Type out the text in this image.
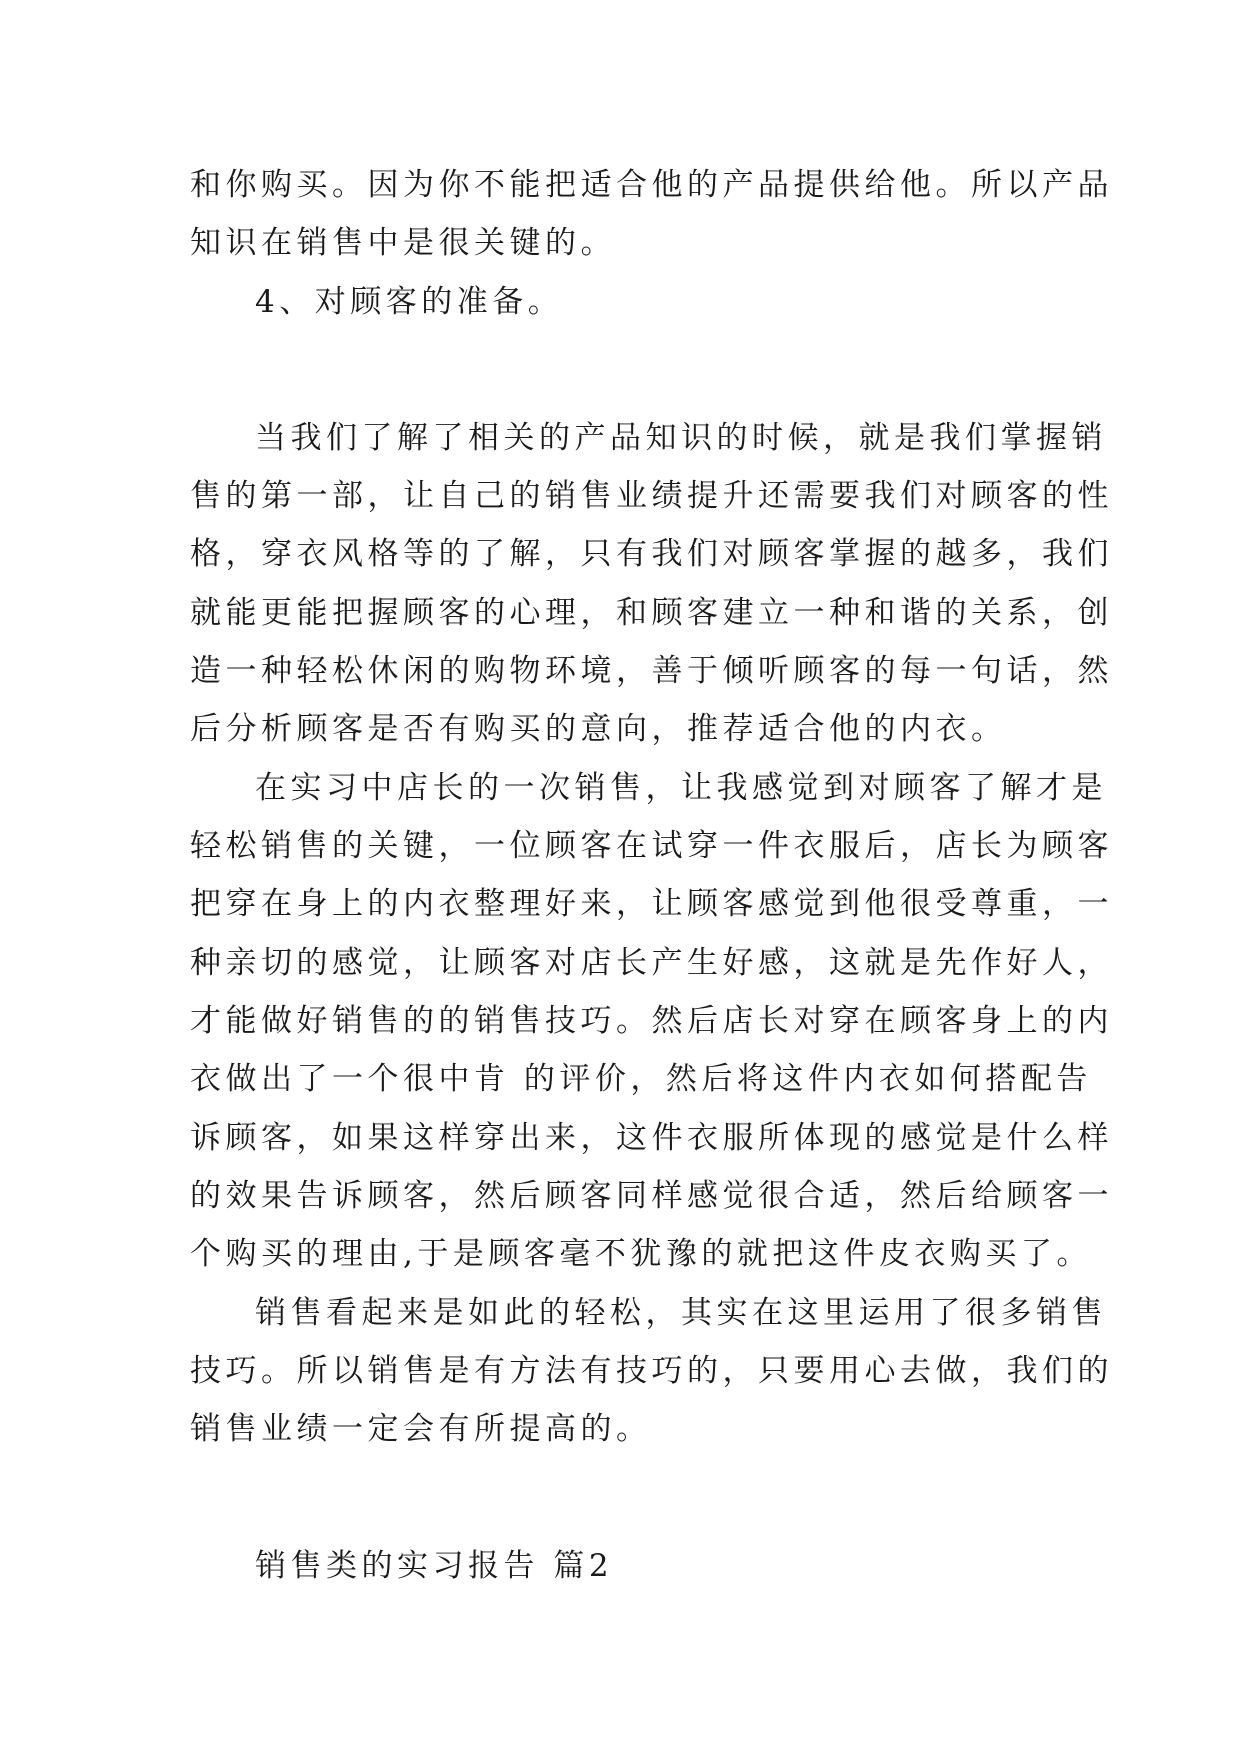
和你购买。因为你不能把适合他的产品提供给他。所以产品
知识在销售中是很关键的。
4、对顾客的准备。
当我们了解了相关的产品知识的时候，就是我们掌握销
售的第一部，让自己的销售业绩提升还需要我们对顾客的性
格，穿衣风格等的了解，只有我们对顾客掌握的越多，我们
就能更能把握顾客的心理，和顾客建立一种和谐的关系，创
造一种轻松休闲的购物环境，善于倾听顾客的每一句话，然
后分析顾客是否有购买的意向，推荐适合他的内衣。
在实习中店长的一次销售，让我感觉到对顾客了解才是
轻松销售的关键，一位顾客在试穿一件衣服后，店长为顾客
把穿在身上的内衣整理好来，让顾客感觉到他很受尊重，一
种亲切的感觉，让顾客对店长产生好感，这就是先作好人，
才能做好销售的的销售技巧。然后店长对穿在顾客身上的内
衣做出了一个很中肯 的评价，然后将这件内衣如何搭配告
诉顾客，如果这样穿出来，这件衣服所体现的感觉是什么样
的效果告诉顾客，然后顾客同样感觉很合适，然后给顾客一
个购买的理由,于是顾客毫不犹豫的就把这件皮衣购买了。
销售看起来是如此的轻松，其实在这里运用了很多销售
技巧。所以销售是有方法有技巧的，只要用心去做，我们的
销售业绩一定会有所提高的。
销售类的实习报告 篇2
